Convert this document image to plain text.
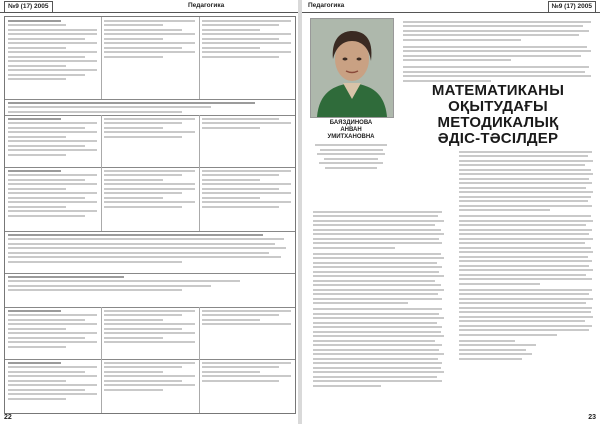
№9 (17) 2005	Педагогика
22
Педагогика	№9 (17) 2005
БАЯЗДИНОВА
АНВАН
УМИТХАНОВНА
МАТЕМАТИКАНЫ
ОҚЫТУДАҒЫ МЕТОДИКАЛЫҚ
ӘДІС-ТӘСІЛДЕР
23
